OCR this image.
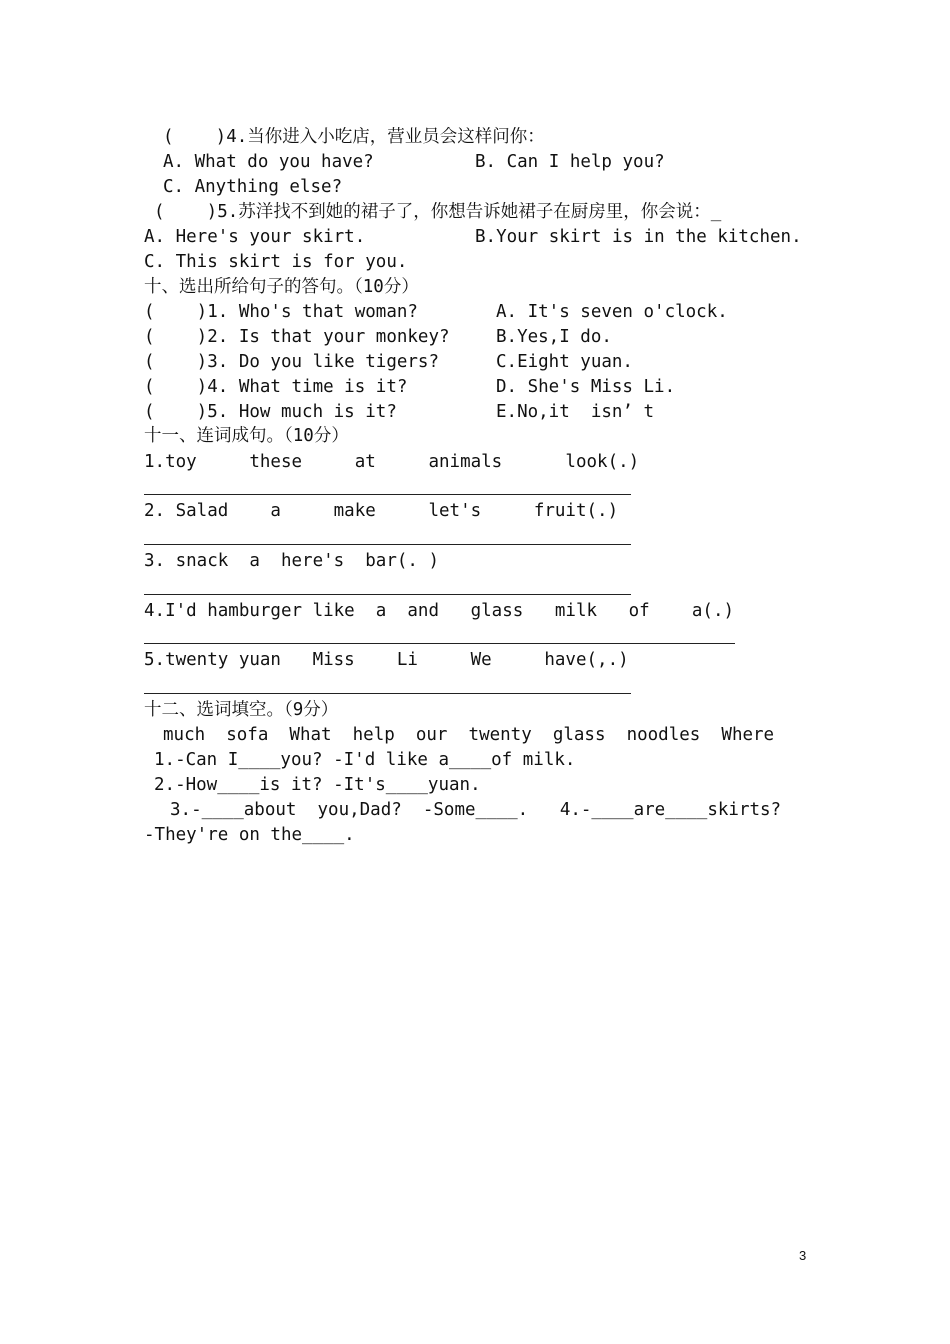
(    )4.当你进入小吃店，营业员会这样问你：
A. What do you have?	B. Can I help you?
C. Anything else?
(    )5.苏洋找不到她的裙子了，你想告诉她裙子在厨房里，你会说：_
A. Here's your skirt.	B.Your skirt is in the kitchen.
C. This skirt is for you.
十、选出所给句子的答句。（10分）
(    )1. Who's that woman?	A. It's seven o'clock.
(    )2. Is that your monkey?	B.Yes,I do.
(    )3. Do you like tigers?	C.Eight yuan.
(    )4. What time is it?	D. She's Miss Li.
(    )5. How much is it?	E.No,it  isn’ t
十一、连词成句。（10分）
1.toy     these     at     animals      look(.)
2. Salad    a     make     let's     fruit(.)
3. snack  a  here's  bar(. )
4.I'd hamburger like  a  and   glass   milk   of    a(.)
5.twenty yuan   Miss    Li     We     have(,.)
十二、选词填空。（9分）
much  sofa  What  help  our  twenty  glass  noodles  Where
1.-Can I____you? -I'd like a____of milk.
2.-How____is it? -It's____yuan.
3.-____about  you,Dad?  -Some____.   4.-____are____skirts?
-They're on the____.
3
